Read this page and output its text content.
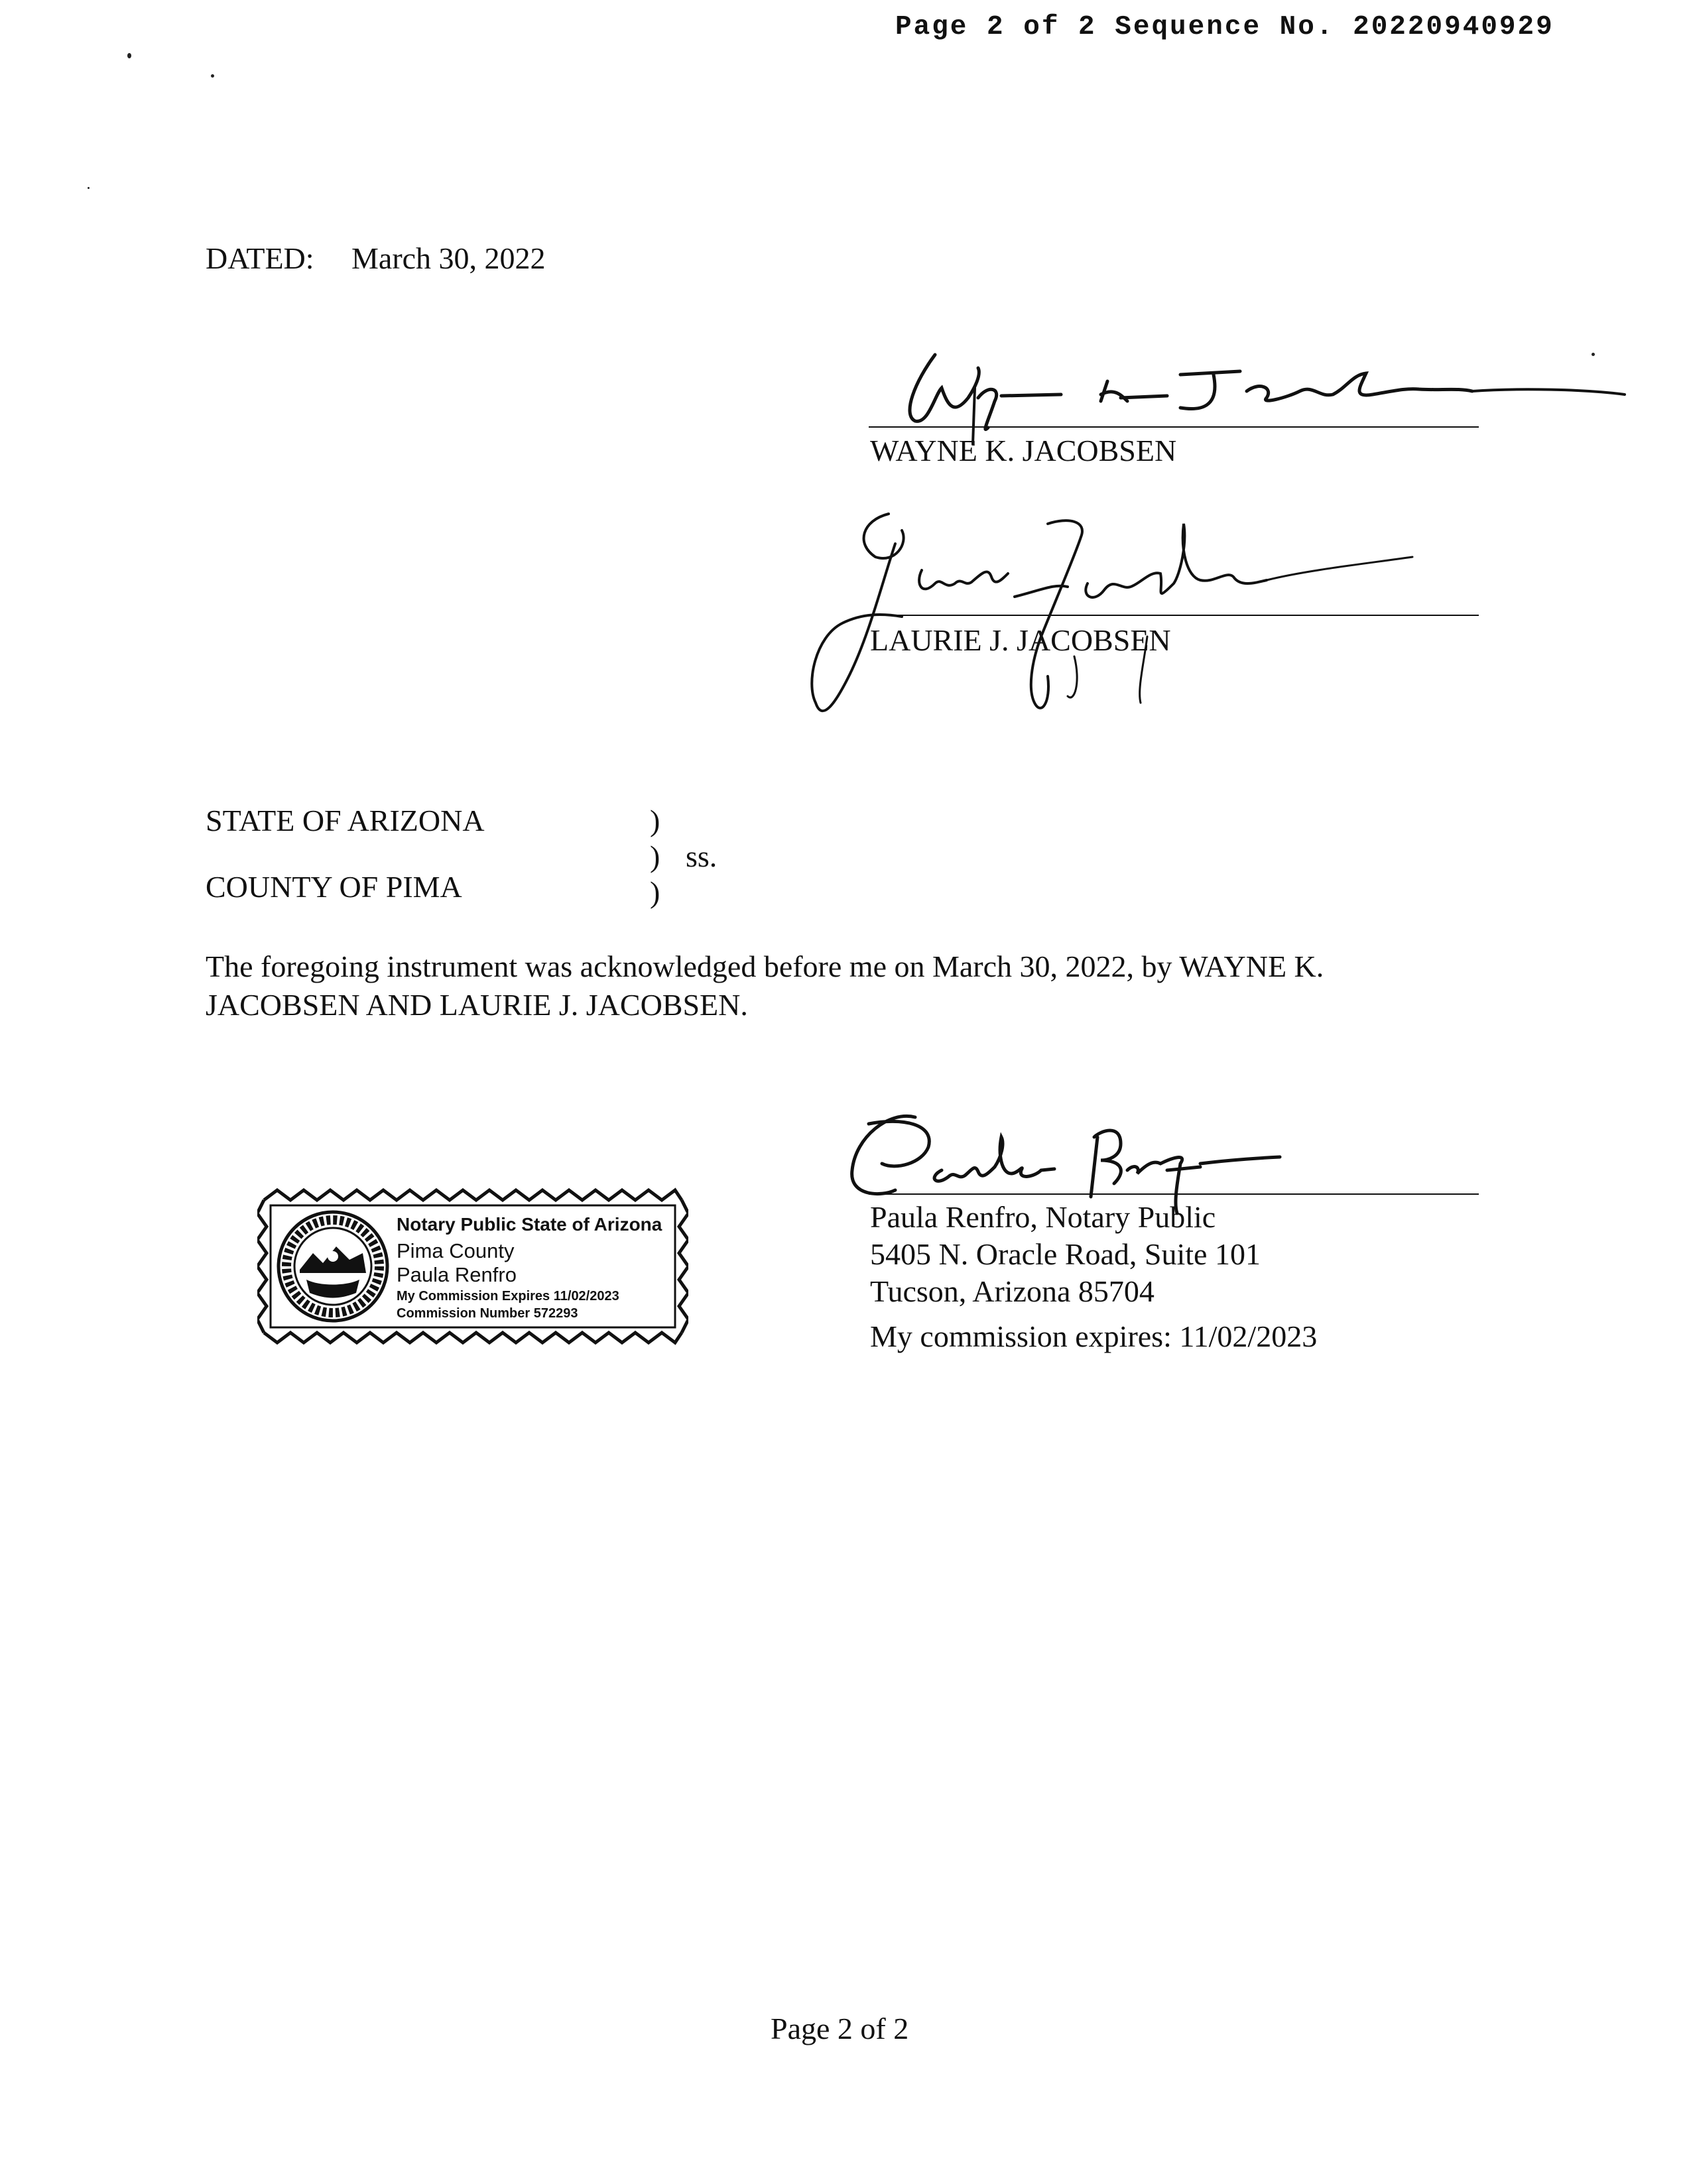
Page 2 of 2 Sequence No. 20220940929
DATED: March 30, 2022
WAYNE K. JACOBSEN
LAURIE J. JACOBSEN
STATE OF ARIZONA
COUNTY OF PIMA
)
)
)
ss.
The foregoing instrument was acknowledged before me on March 30, 2022, by WAYNE K.
JACOBSEN AND LAURIE J. JACOBSEN.
Notary Public State of Arizona
Pima County
Paula Renfro
My Commission Expires 11/02/2023
Commission Number 572293
Paula Renfro, Notary Public
5405 N. Oracle Road, Suite 101
Tucson, Arizona 85704
My commission expires: 11/02/2023
Page 2 of 2
